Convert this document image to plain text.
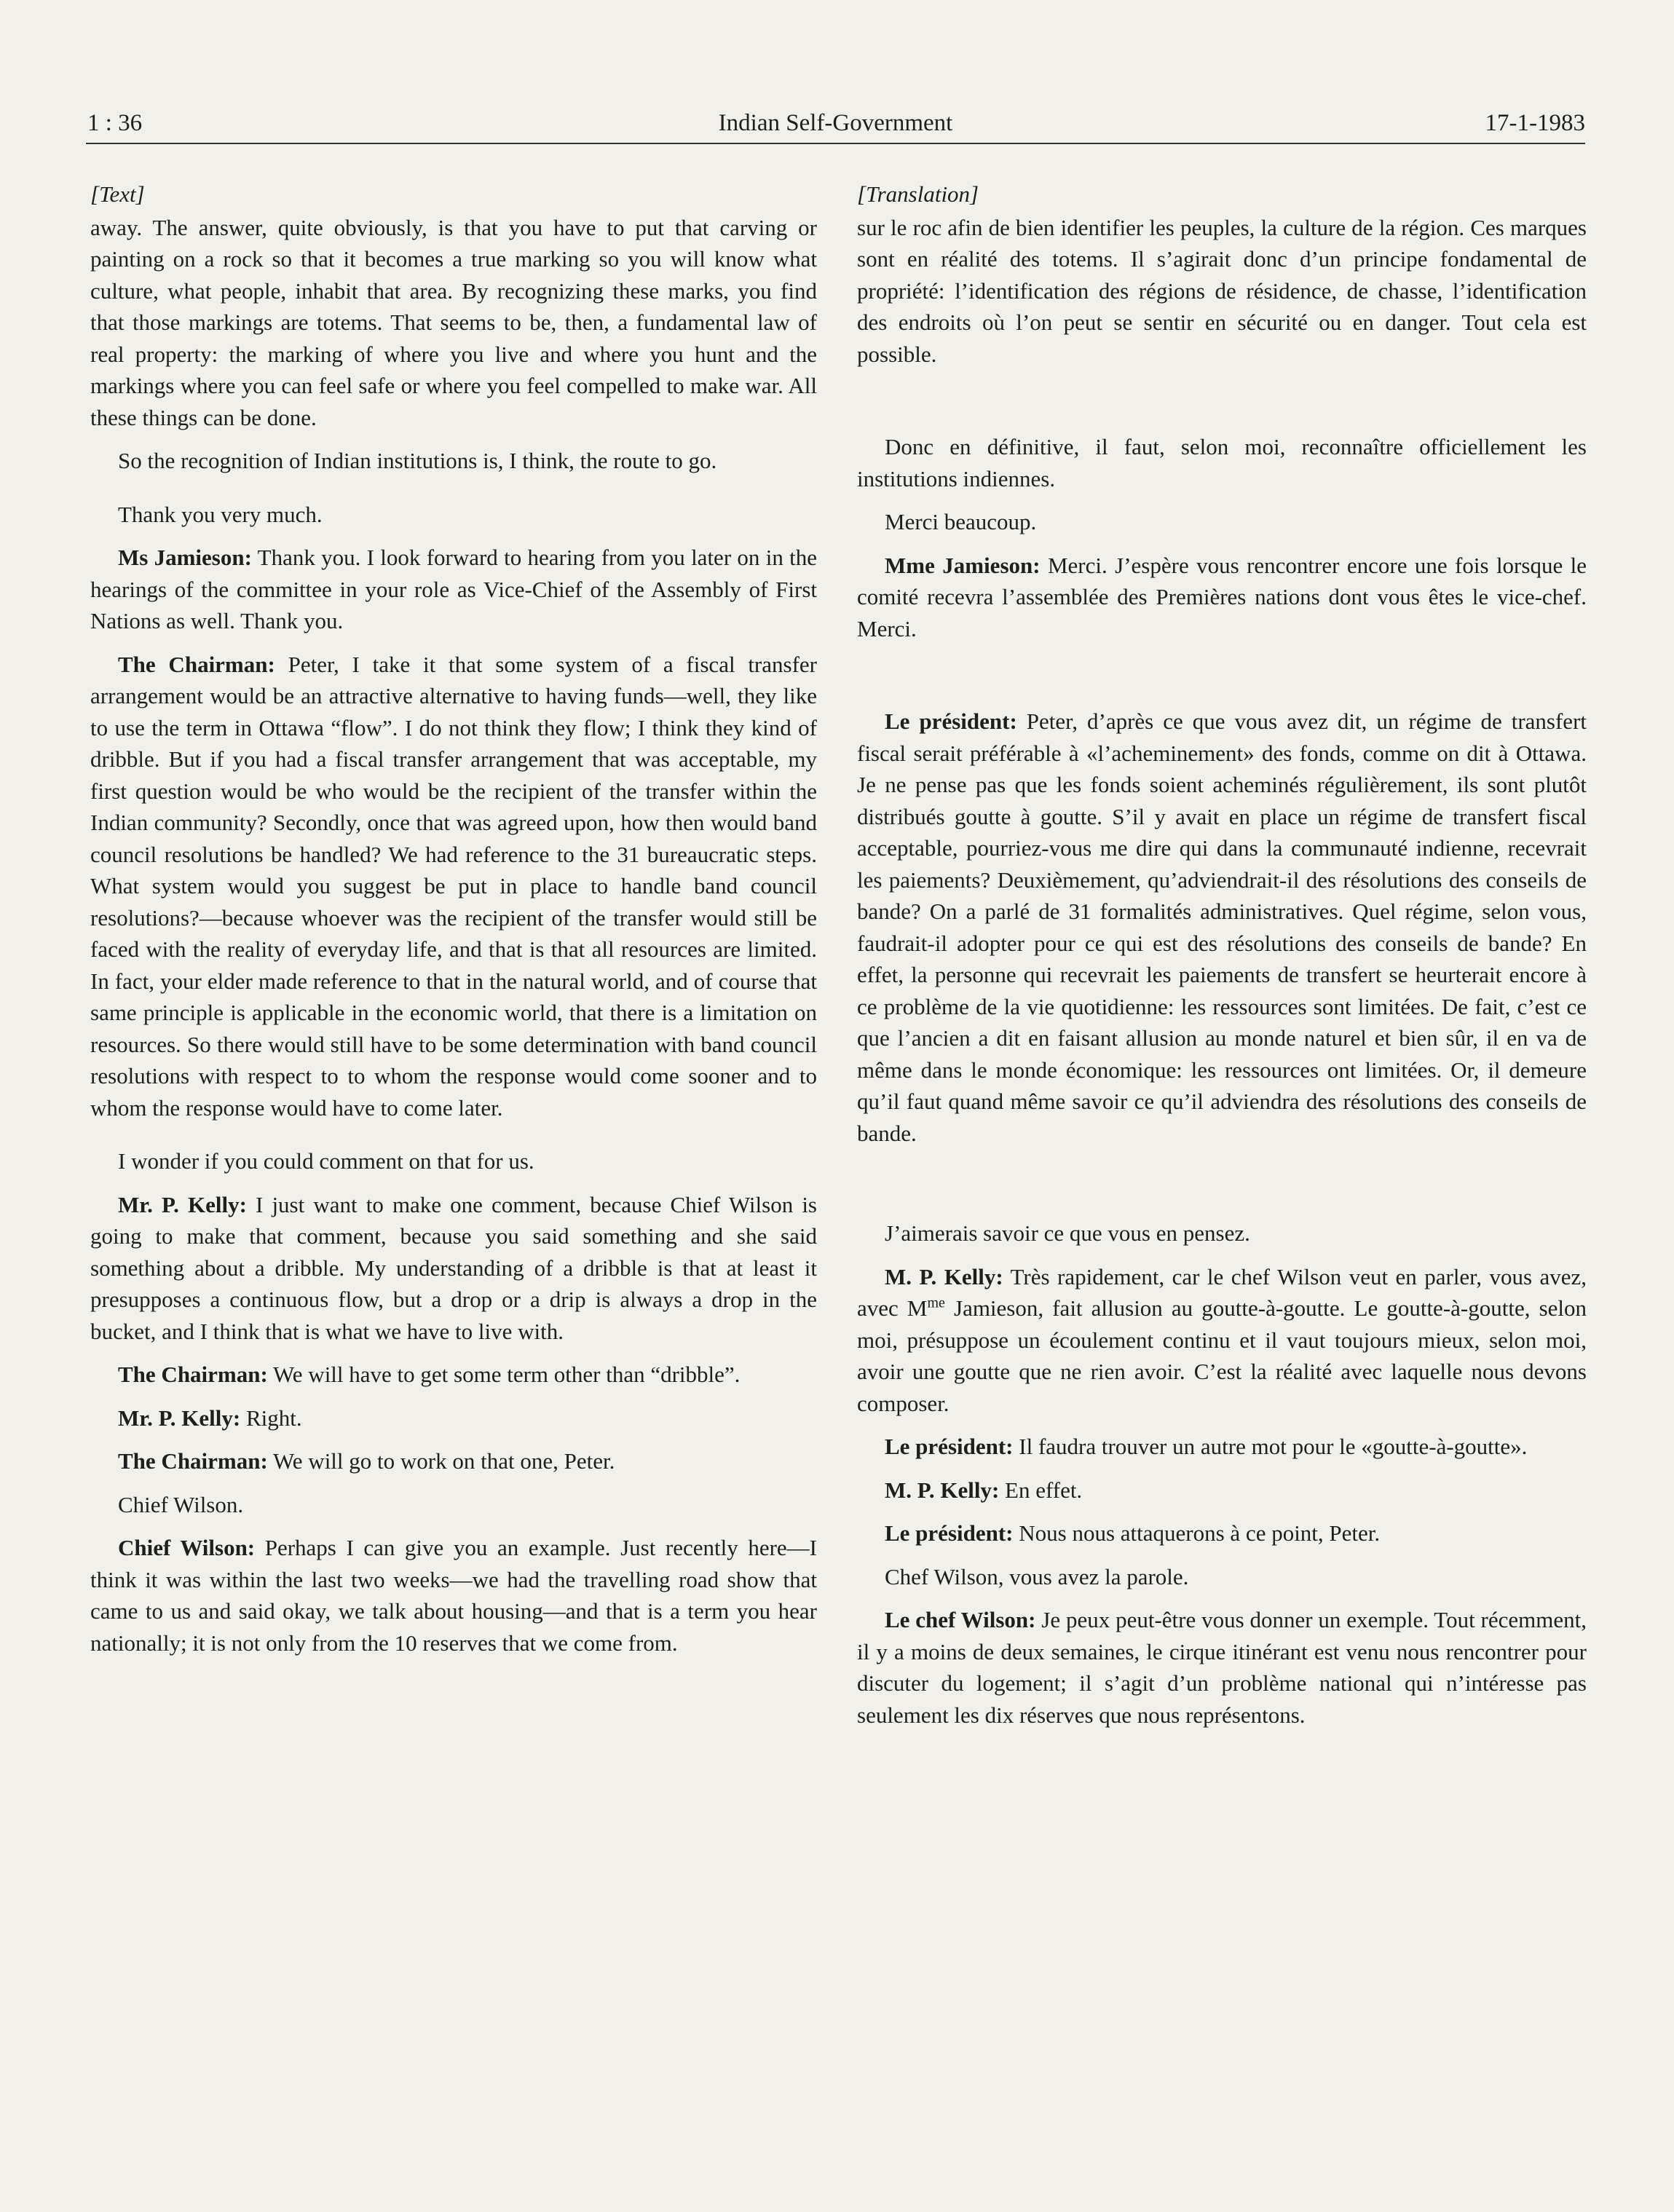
1 : 36	Indian Self-Government	17-1-1983

[Text]

away. The answer, quite obviously, is that you have to put that carving or painting on a rock so that it becomes a true marking so you will know what culture, what people, inhabit that area. By recognizing these marks, you find that those markings are totems. That seems to be, then, a fundamental law of real property: the marking of where you live and where you hunt and the markings where you can feel safe or where you feel compelled to make war. All these things can be done.

So the recognition of Indian institutions is, I think, the route to go.

Thank you very much.

Ms Jamieson: Thank you. I look forward to hearing from you later on in the hearings of the committee in your role as Vice-Chief of the Assembly of First Nations as well. Thank you.

The Chairman: Peter, I take it that some system of a fiscal transfer arrangement would be an attractive alternative to having funds—well, they like to use the term in Ottawa “flow”. I do not think they flow; I think they kind of dribble. But if you had a fiscal transfer arrangement that was acceptable, my first question would be who would be the recipient of the transfer within the Indian community? Secondly, once that was agreed upon, how then would band council resolutions be handled? We had reference to the 31 bureaucratic steps. What system would you suggest be put in place to handle band council resolutions?—because whoever was the recipient of the transfer would still be faced with the reality of everyday life, and that is that all resources are limited. In fact, your elder made reference to that in the natural world, and of course that same principle is applicable in the economic world, that there is a limitation on resources. So there would still have to be some determination with band council resolutions with respect to to whom the response would come sooner and to whom the response would have to come later.

I wonder if you could comment on that for us.

Mr. P. Kelly: I just want to make one comment, because Chief Wilson is going to make that comment, because you said something and she said something about a dribble. My understanding of a dribble is that at least it presupposes a continuous flow, but a drop or a drip is always a drop in the bucket, and I think that is what we have to live with.

The Chairman: We will have to get some term other than “dribble”.

Mr. P. Kelly: Right.

The Chairman: We will go to work on that one, Peter.

Chief Wilson.

Chief Wilson: Perhaps I can give you an example. Just recently here—I think it was within the last two weeks—we had the travelling road show that came to us and said okay, we talk about housing—and that is a term you hear nationally; it is not only from the 10 reserves that we come from.

[Translation]

sur le roc afin de bien identifier les peuples, la culture de la région. Ces marques sont en réalité des totems. Il s’agirait donc d’un principe fondamental de propriété: l’identification des régions de résidence, de chasse, l’identification des endroits où l’on peut se sentir en sécurité ou en danger. Tout cela est possible.

Donc en définitive, il faut, selon moi, reconnaître officiellement les institutions indiennes.

Merci beaucoup.

Mme Jamieson: Merci. J’espère vous rencontrer encore une fois lorsque le comité recevra l’assemblée des Premières nations dont vous êtes le vice-chef. Merci.

Le président: Peter, d’après ce que vous avez dit, un régime de transfert fiscal serait préférable à «l’acheminement» des fonds, comme on dit à Ottawa. Je ne pense pas que les fonds soient acheminés régulièrement, ils sont plutôt distribués goutte à goutte. S’il y avait en place un régime de transfert fiscal acceptable, pourriez-vous me dire qui dans la communauté indienne, recevrait les paiements? Deuxièmement, qu’adviendrait-il des résolutions des conseils de bande? On a parlé de 31 formalités administratives. Quel régime, selon vous, faudrait-il adopter pour ce qui est des résolutions des conseils de bande? En effet, la personne qui recevrait les paiements de transfert se heurterait encore à ce problème de la vie quotidienne: les ressources sont limitées. De fait, c’est ce que l’ancien a dit en faisant allusion au monde naturel et bien sûr, il en va de même dans le monde économique: les ressources ont limitées. Or, il demeure qu’il faut quand même savoir ce qu’il adviendra des résolutions des conseils de bande.

J’aimerais savoir ce que vous en pensez.

M. P. Kelly: Très rapidement, car le chef Wilson veut en parler, vous avez, avec $M^{me}$ Jamieson, fait allusion au goutte-à-goutte. Le goutte-à-goutte, selon moi, présuppose un écoulement continu et il vaut toujours mieux, selon moi, avoir une goutte que ne rien avoir. C’est la réalité avec laquelle nous devons composer.

Le président: Il faudra trouver un autre mot pour le «goutte-à-goutte».

M. P. Kelly: En effet.

Le président: Nous nous attaquerons à ce point, Peter.

Chef Wilson, vous avez la parole.

Le chef Wilson: Je peux peut-être vous donner un exemple. Tout récemment, il y a moins de deux semaines, le cirque itinérant est venu nous rencontrer pour discuter du logement; il s’agit d’un problème national qui n’intéresse pas seulement les dix réserves que nous représentons.
